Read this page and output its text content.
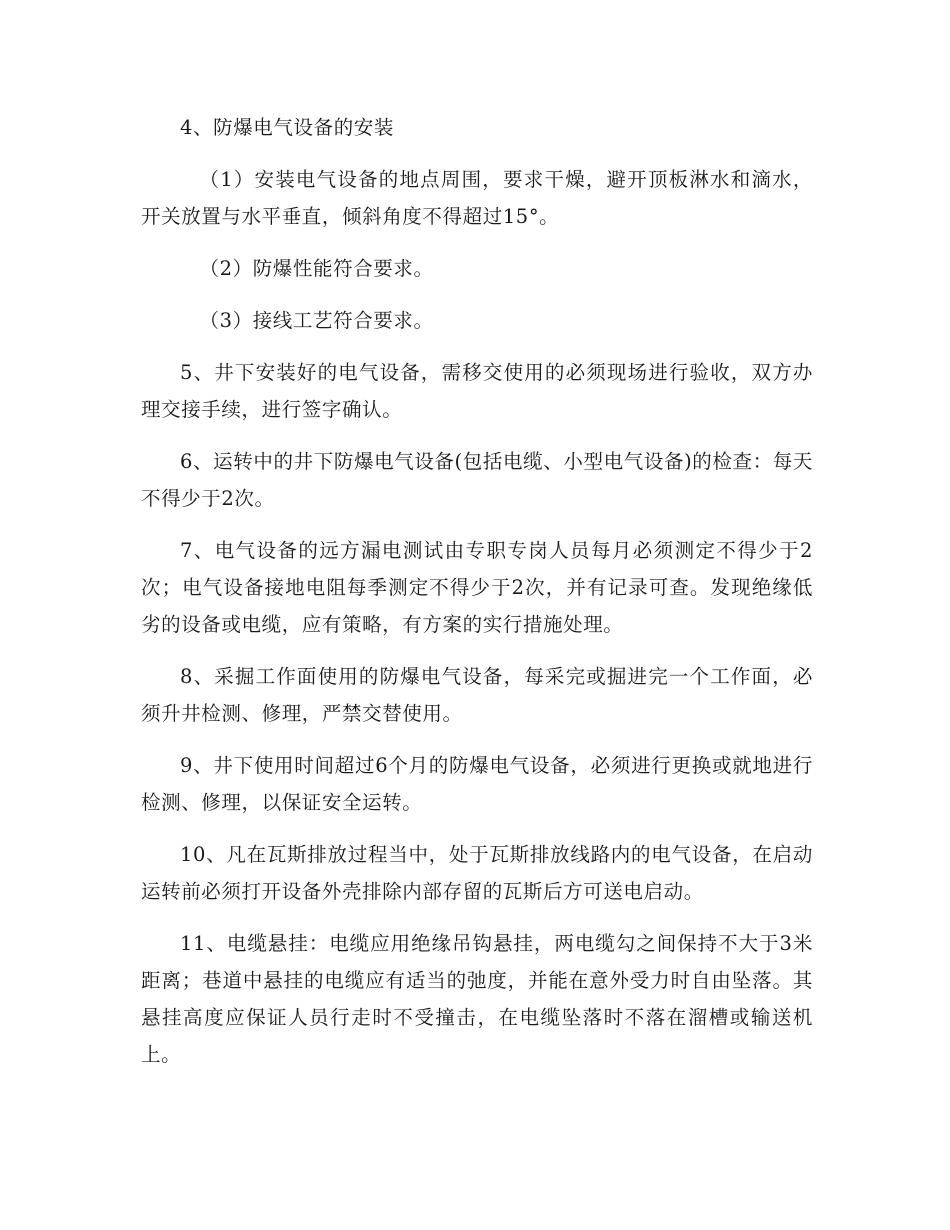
4、防爆电气设备的安装

（1）安装电气设备的地点周围，要求干燥，避开顶板淋水和滴水，开关放置与水平垂直，倾斜角度不得超过15°。

（2）防爆性能符合要求。

（3）接线工艺符合要求。

5、井下安装好的电气设备，需移交使用的必须现场进行验收，双方办理交接手续，进行签字确认。

6、运转中的井下防爆电气设备(包括电缆、小型电气设备)的检查：每天不得少于2次。

7、电气设备的远方漏电测试由专职专岗人员每月必须测定不得少于2次；电气设备接地电阻每季测定不得少于2次，并有记录可查。发现绝缘低劣的设备或电缆，应有策略，有方案的实行措施处理。

8、采掘工作面使用的防爆电气设备，每采完或掘进完一个工作面，必须升井检测、修理，严禁交替使用。

9、井下使用时间超过6个月的防爆电气设备，必须进行更换或就地进行检测、修理，以保证安全运转。

10、凡在瓦斯排放过程当中，处于瓦斯排放线路内的电气设备，在启动运转前必须打开设备外壳排除内部存留的瓦斯后方可送电启动。

11、电缆悬挂：电缆应用绝缘吊钩悬挂，两电缆勾之间保持不大于3米距离；巷道中悬挂的电缆应有适当的弛度，并能在意外受力时自由坠落。其悬挂高度应保证人员行走时不受撞击，在电缆坠落时不落在溜槽或输送机上。
